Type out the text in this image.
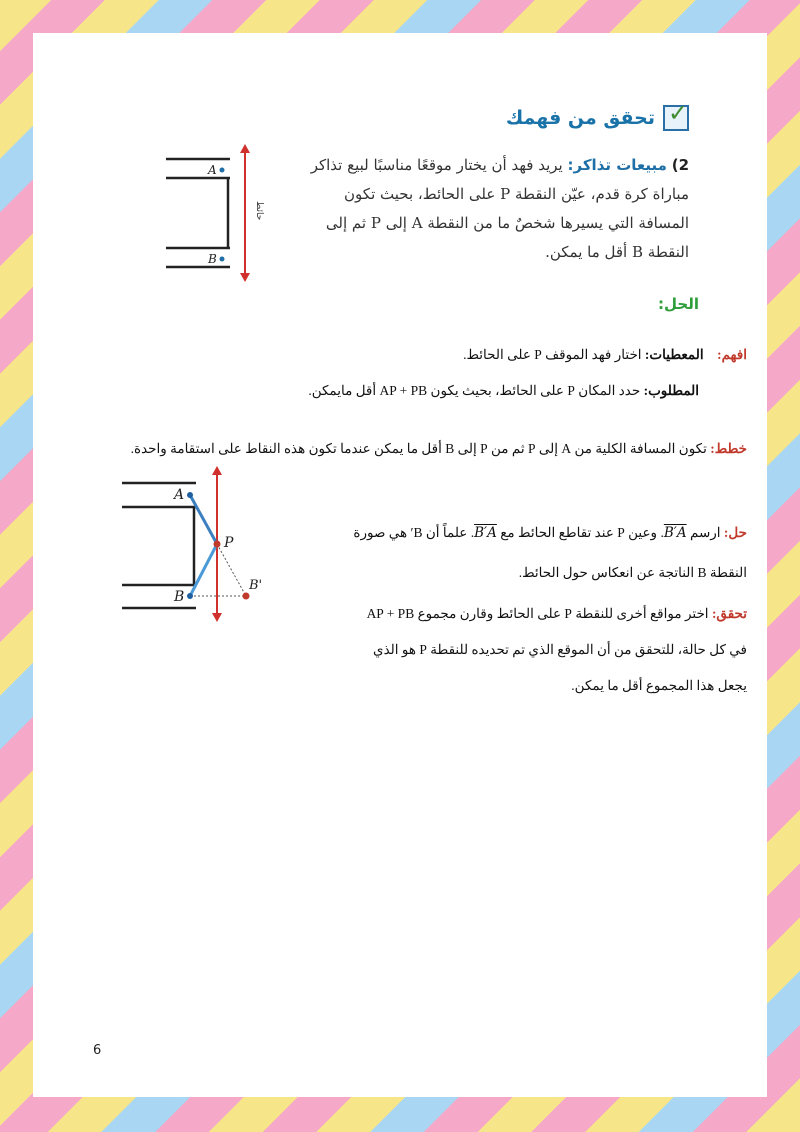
تحقق من فهمك ✓
2) مبيعات تذاكر: يريد فهد أن يختار موقعًا مناسبًا لبيع تذاكر مباراة كرة قدم، عيّن النقطة P على الحائط، بحيث تكون المسافة التي يسيرها شخصٌ ما من النقطة A إلى P ثم إلى النقطة B أقل ما يمكن.
A
B
حائط
الحل:
افهم:    المعطيات: اختار فهد الموقف P على الحائط.
المطلوب: حدد المكان P على الحائط، بحيث يكون AP + PB أقل مايمكن.
خطط: تكون المسافة الكلية من A إلى P ثم من P إلى B أقل ما يمكن عندما تكون هذه النقاط على استقامة واحدة.
حل: ارسم B′A. وعين P عند تقاطع الحائط مع B′A. علماً أن B′ هي صورة النقطة B الناتجة عن انعكاس حول الحائط.
تحقق: اختر مواقع أخرى للنقطة P على الحائط وقارن مجموع AP + PB في كل حالة، للتحقق من أن الموقع الذي تم تحديده للنقطة P هو الذي يجعل هذا المجموع أقل ما يمكن.
A
B
P
B'
6
